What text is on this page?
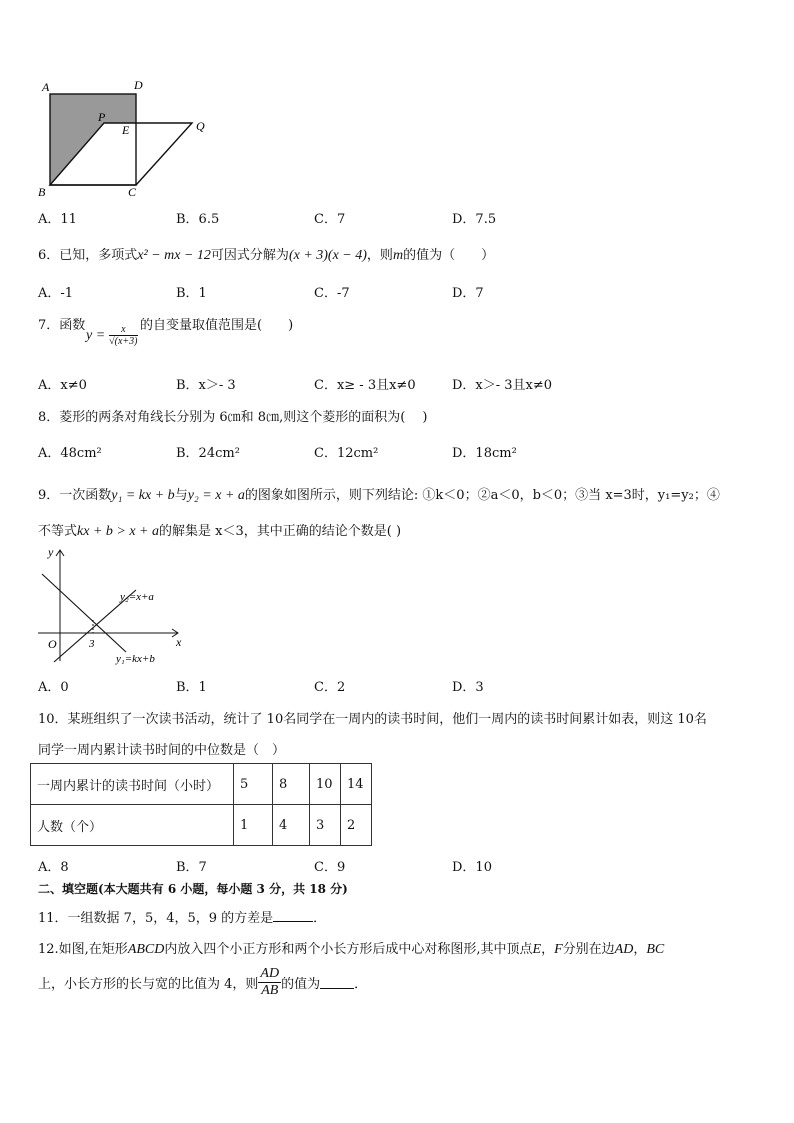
A	D
P
E	Q
B	C
A．11	B．6.5	C．7	D．7.5
6．已知，多项式x² − mx − 12可因式分解为(x + 3)(x − 4)，则m的值为（　　）
A．-1	B．1	C．-7	D．7
7．函数
$y = \frac{x}{√(x+3)}$ 的自变量取值范围是(　　)
A．x≠0	B．x＞- 3	C．x≥ - 3且x≠0	D．x＞- 3且x≠0
8．菱形的两条对角线长分别为 6㎝和 8㎝,则这个菱形的面积为(　 )
A．48cm²	B．24cm²	C．12cm²	D．18cm²
9．一次函数y₁ = kx + b与y₂ = x + a的图象如图所示，则下列结论: ①k＜0；②a＜0，b＜0；③当 x=3时，y₁=y₂；④
不等式kx + b > x + a的解集是 x＜3，其中正确的结论个数是( )
y
x
O	3
y₂=x+a
y₁=kx+b
A．0	B．1	C．2	D．3
10．某班组织了一次读书活动，统计了 10名同学在一周内的读书时间，他们一周内的读书时间累计如表，则这 10名
同学一周内累计读书时间的中位数是（　）
一周内累计的读书时间（小时）	5	8	10	14
人数（个）	1	4	3	2
A．8	B．7	C．9	D．10
二、填空题(本大题共有 6 小题，每小题 3 分，共 18 分)
11．一组数据 7，5，4，5，9 的方差是	．
12.如图,在矩形ABCD内放入四个小正方形和两个小长方形后成中心对称图形,其中顶点E，F分别在边AD，BC
上，小长方形的长与宽的比值为 4，则 $\frac{AD}{AB}$ 的值为	．
